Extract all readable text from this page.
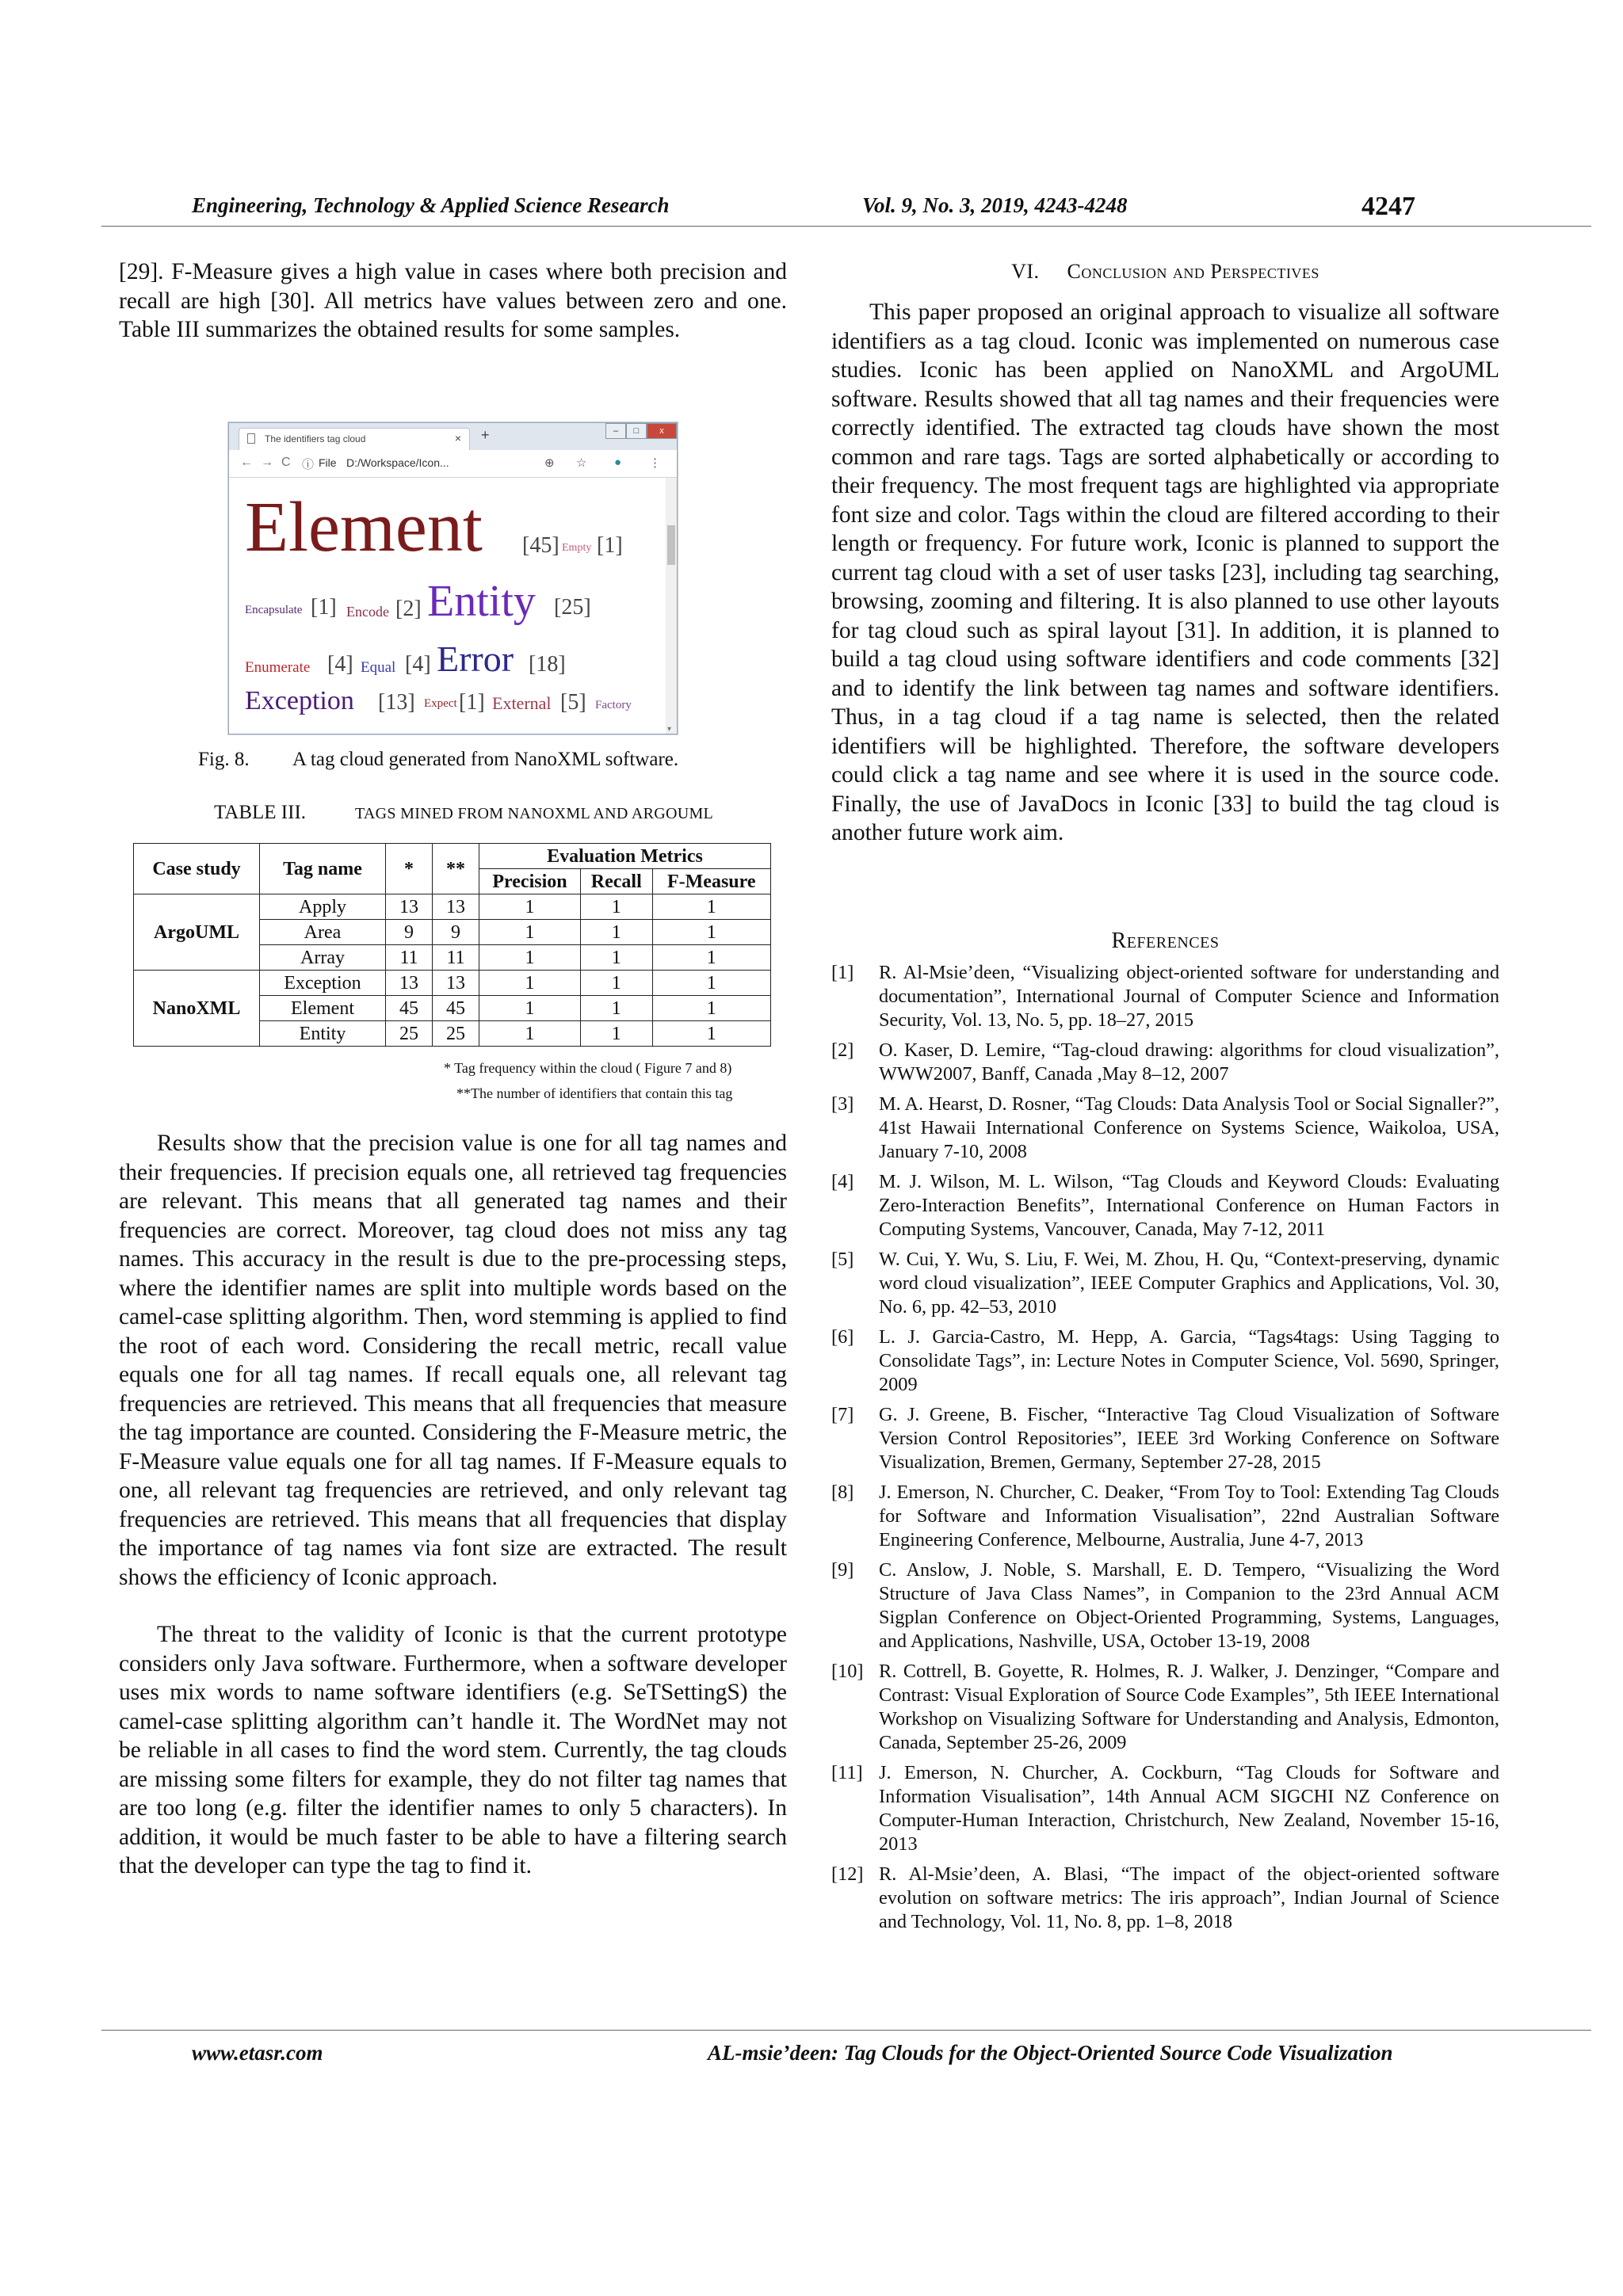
Engineering, Technology & Applied Science Research	Vol. 9, No. 3, 2019, 4243-4248	4247

[29]. F-Measure gives a high value in cases where both precision and recall are high [30]. All metrics have values between zero and one. Table III summarizes the obtained results for some samples.

The identifiers tag cloud	× +	–	□	x
← → C ⓘ File D:/Workspace/Icon...	⊕ ☆ ● ⋮
Element [45] Empty [1]
Encapsulate [1] Encode [2] Entity [25]
Enumerate [4] Equal [4] Error [18]
Exception [13] Expect [1] External [5] Factory
▾
Fig. 8. A tag cloud generated from NanoXML software.
TABLE III.	TAGS MINED FROM NANOXML AND ARGOUML
Case study	Tag name	*	**	Evaluation Metrics		
				Precision	Recall	F-Measure
ArgoUML	Apply	13	13	1	1	1
	Area	9	9	1	1	1
	Array	11	11	1	1	1
NanoXML	Exception	13	13	1	1	1
	Element	45	45	1	1	1
	Entity	25	25	1	1	1
* Tag frequency within the cloud ( Figure 7 and 8)
**The number of identifiers that contain this tag

Results show that the precision value is one for all tag names and their frequencies. If precision equals one, all retrieved tag frequencies are relevant. This means that all generated tag names and their frequencies are correct. Moreover, tag cloud does not miss any tag names. This accuracy in the result is due to the pre-processing steps, where the identifier names are split into multiple words based on the camel-case splitting algorithm. Then, word stemming is applied to find the root of each word. Considering the recall metric, recall value equals one for all tag names. If recall equals one, all relevant tag frequencies are retrieved. This means that all frequencies that measure the tag importance are counted. Considering the F-Measure metric, the F-Measure value equals one for all tag names. If F-Measure equals to one, all relevant tag frequencies are retrieved, and only relevant tag frequencies are retrieved. This means that all frequencies that display the importance of tag names via font size are extracted. The result shows the efficiency of Iconic approach.

The threat to the validity of Iconic is that the current prototype considers only Java software. Furthermore, when a software developer uses mix words to name software identifiers (e.g. SeTSettingS) the camel-case splitting algorithm can’t handle it. The WordNet may not be reliable in all cases to find the word stem. Currently, the tag clouds are missing some filters for example, they do not filter tag names that are too long (e.g. filter the identifier names to only 5 characters). In addition, it would be much faster to be able to have a filtering search that the developer can type the tag to find it.

VI. Conclusion and Perspectives

This paper proposed an original approach to visualize all software identifiers as a tag cloud. Iconic was implemented on numerous case studies. Iconic has been applied on NanoXML and ArgoUML software. Results showed that all tag names and their frequencies were correctly identified. The extracted tag clouds have shown the most common and rare tags. Tags are sorted alphabetically or according to their frequency. The most frequent tags are highlighted via appropriate font size and color. Tags within the cloud are filtered according to their length or frequency. For future work, Iconic is planned to support the current tag cloud with a set of user tasks [23], including tag searching, browsing, zooming and filtering. It is also planned to use other layouts for tag cloud such as spiral layout [31]. In addition, it is planned to build a tag cloud using software identifiers and code comments [32] and to identify the link between tag names and software identifiers. Thus, in a tag cloud if a tag name is selected, then the related identifiers will be highlighted. Therefore, the software developers could click a tag name and see where it is used in the source code. Finally, the use of JavaDocs in Iconic [33] to build the tag cloud is another future work aim.

References
[1] R. Al-Msie’deen, “Visualizing object-oriented software for understanding and documentation”, International Journal of Computer Science and Information Security, Vol. 13, No. 5, pp. 18–27, 2015
[2] O. Kaser, D. Lemire, “Tag-cloud drawing: algorithms for cloud visualization”, WWW2007, Banff, Canada ,May 8–12, 2007
[3] M. A. Hearst, D. Rosner, “Tag Clouds: Data Analysis Tool or Social Signaller?”, 41st Hawaii International Conference on Systems Science, Waikoloa, USA, January 7-10, 2008
[4] M. J. Wilson, M. L. Wilson, “Tag Clouds and Keyword Clouds: Evaluating Zero-Interaction Benefits”, International Conference on Human Factors in Computing Systems, Vancouver, Canada, May 7-12, 2011
[5] W. Cui, Y. Wu, S. Liu, F. Wei, M. Zhou, H. Qu, “Context-preserving, dynamic word cloud visualization”, IEEE Computer Graphics and Applications, Vol. 30, No. 6, pp. 42–53, 2010
[6] L. J. Garcia-Castro, M. Hepp, A. Garcia, “Tags4tags: Using Tagging to Consolidate Tags”, in: Lecture Notes in Computer Science, Vol. 5690, Springer, 2009
[7] G. J. Greene, B. Fischer, “Interactive Tag Cloud Visualization of Software Version Control Repositories”, IEEE 3rd Working Conference on Software Visualization, Bremen, Germany, September 27-28, 2015
[8] J. Emerson, N. Churcher, C. Deaker, “From Toy to Tool: Extending Tag Clouds for Software and Information Visualisation”, 22nd Australian Software Engineering Conference, Melbourne, Australia, June 4-7, 2013
[9] C. Anslow, J. Noble, S. Marshall, E. D. Tempero, “Visualizing the Word Structure of Java Class Names”, in Companion to the 23rd Annual ACM Sigplan Conference on Object-Oriented Programming, Systems, Languages, and Applications, Nashville, USA, October 13-19, 2008
[10] R. Cottrell, B. Goyette, R. Holmes, R. J. Walker, J. Denzinger, “Compare and Contrast: Visual Exploration of Source Code Examples”, 5th IEEE International Workshop on Visualizing Software for Understanding and Analysis, Edmonton, Canada, September 25-26, 2009
[11] J. Emerson, N. Churcher, A. Cockburn, “Tag Clouds for Software and Information Visualisation”, 14th Annual ACM SIGCHI NZ Conference on Computer-Human Interaction, Christchurch, New Zealand, November 15-16, 2013
[12] R. Al-Msie’deen, A. Blasi, “The impact of the object-oriented software evolution on software metrics: The iris approach”, Indian Journal of Science and Technology, Vol. 11, No. 8, pp. 1–8, 2018
www.etasr.com	AL-msie’deen: Tag Clouds for the Object-Oriented Source Code Visualization
